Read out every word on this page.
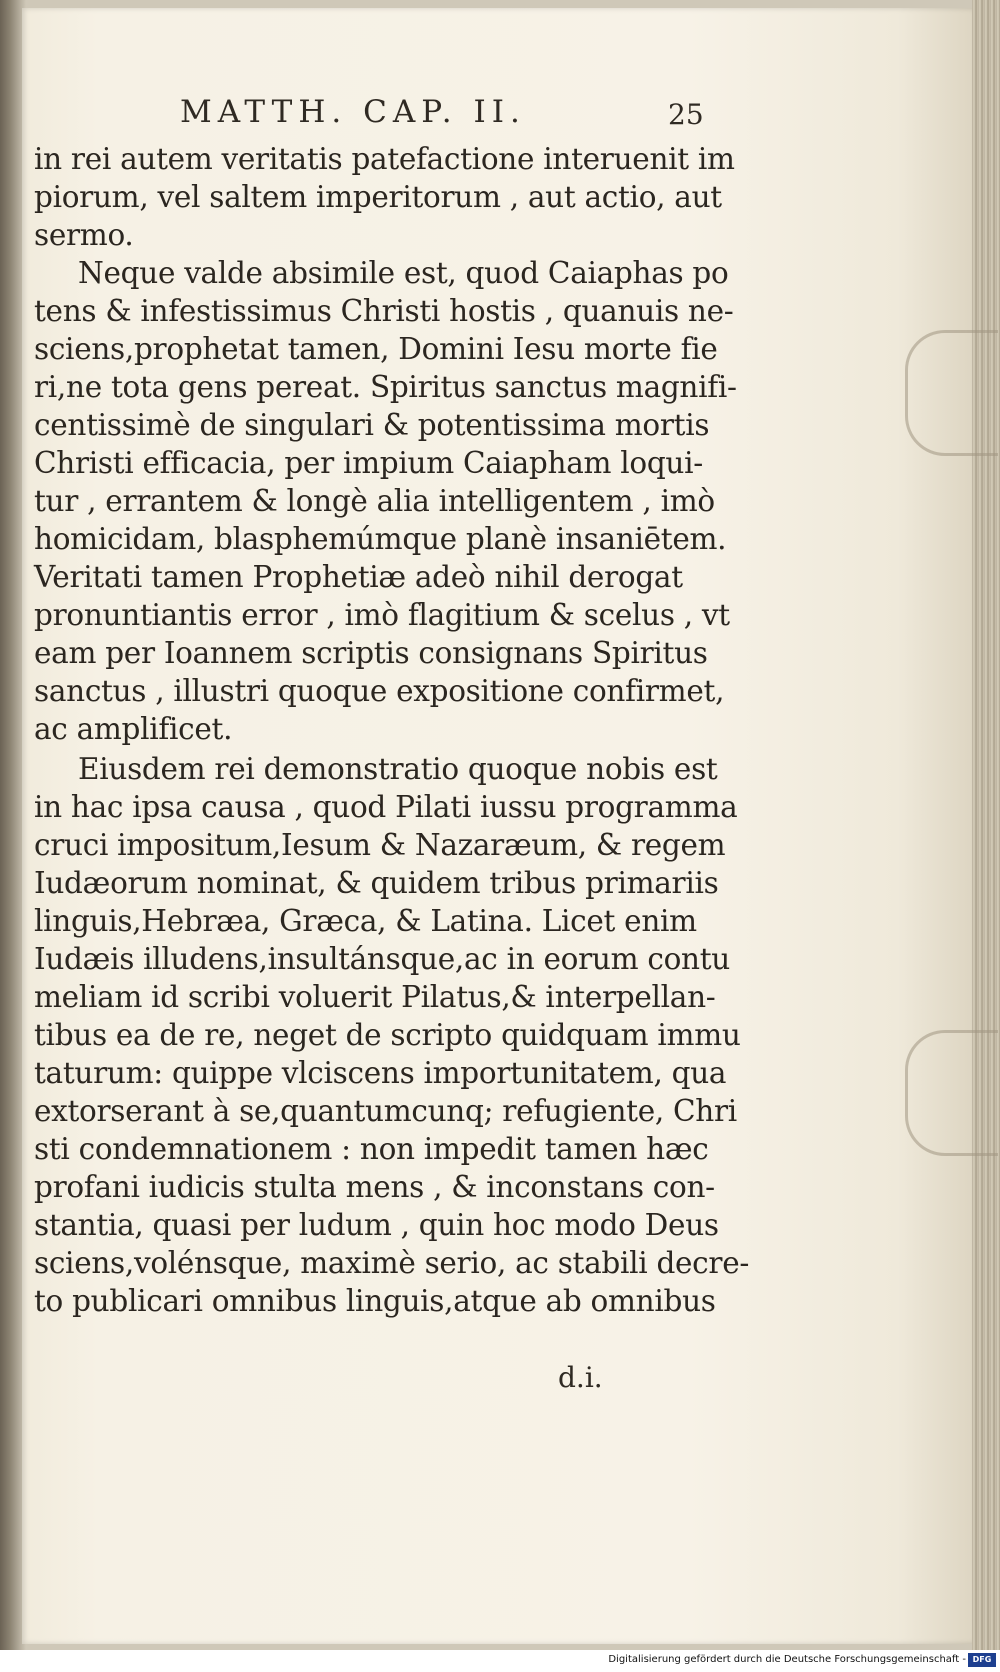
MATTH. CAP. II.	25
in rei autem veritatis patefactione interuenit im
piorum, vel saltem imperitorum , aut actio, aut
sermo.
Neque valde absimile est, quod Caiaphas po
tens & infestissimus Christi hostis , quanuis ne-
sciens,prophetat tamen, Domini Iesu morte fie
ri,ne tota gens pereat. Spiritus sanctus magnifi-
centissimè de singulari & potentissima mortis
Christi efficacia, per impium Caiapham loqui-
tur , errantem & longè alia intelligentem , imò
homicidam, blasphemúmque planè insaniētem.
Veritati tamen Prophetiæ adeò nihil derogat
pronuntiantis error , imò flagitium & scelus , vt
eam per Ioannem scriptis consignans Spiritus
sanctus , illustri quoque expositione confirmet,
ac amplificet.
Eiusdem rei demonstratio quoque nobis est
in hac ipsa causa , quod Pilati iussu programma
cruci impositum,Iesum & Nazaræum, & regem
Iudæorum nominat, & quidem tribus primariis
linguis,Hebræa, Græca, & Latina. Licet enim
Iudæis illudens,insultánsque,ac in eorum contu
meliam id scribi voluerit Pilatus,& interpellan-
tibus ea de re, neget de scripto quidquam immu
taturum: quippe vlciscens importunitatem, qua
extorserant à se,quantumcunq; refugiente, Chri
sti condemnationem : non impedit tamen hæc
profani iudicis stulta mens , & inconstans con-
stantia, quasi per ludum , quin hoc modo Deus
sciens,volénsque, maximè serio, ac stabili decre-
to publicari omnibus linguis,atque ab omnibus
d.i.
Digitalisierung gefördert durch die Deutsche Forschungsgemeinschaft - DFG
